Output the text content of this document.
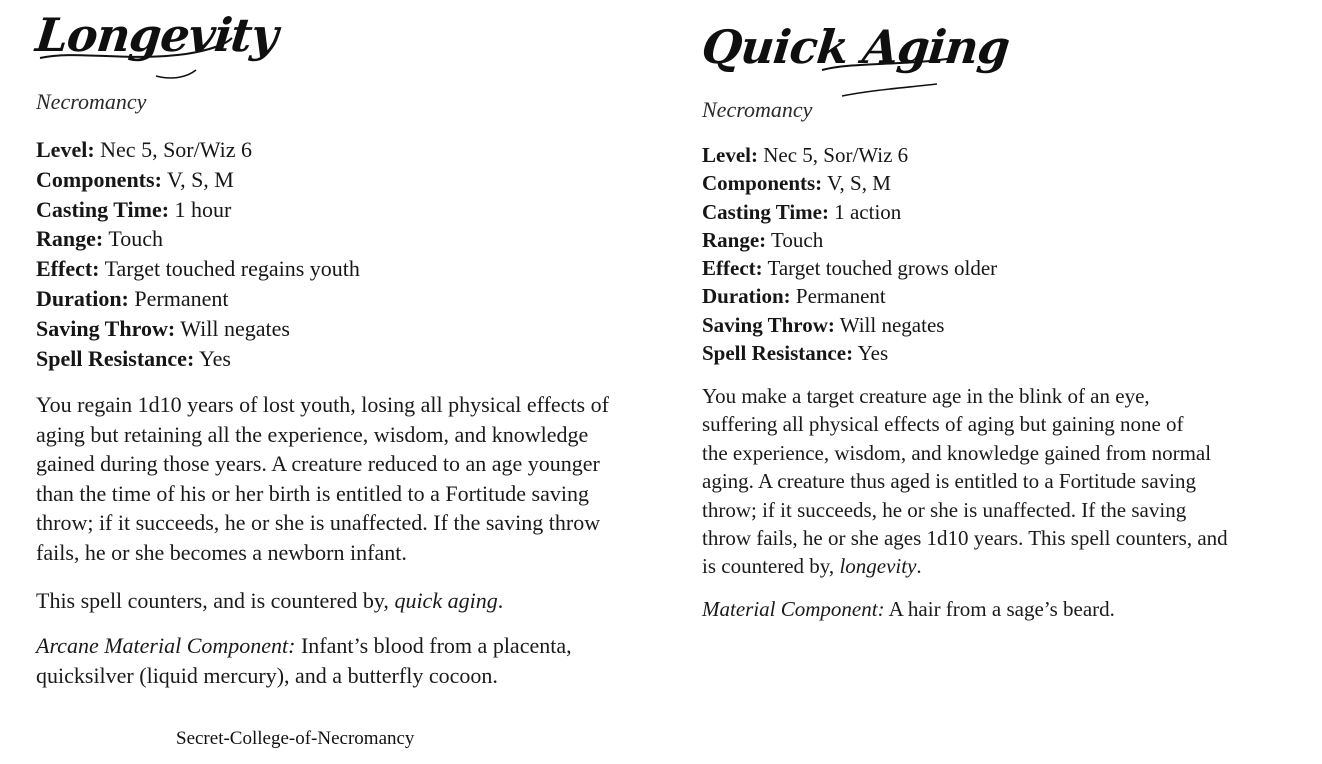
Longevity

Necromancy

Level: Nec 5, Sor/Wiz 6
Components: V, S, M
Casting Time: 1 hour
Range: Touch
Effect: Target touched regains youth
Duration: Permanent
Saving Throw: Will negates
Spell Resistance: Yes

You regain 1d10 years of lost youth, losing all physical effects of
aging but retaining all the experience, wisdom, and knowledge
gained during those years. A creature reduced to an age younger
than the time of his or her birth is entitled to a Fortitude saving
throw; if it succeeds, he or she is unaffected. If the saving throw
fails, he or she becomes a newborn infant.

This spell counters, and is countered by, quick aging.

Arcane Material Component: Infant’s blood from a placenta,
quicksilver (liquid mercury), and a butterfly cocoon.

Secret-College-of-Necromancy

Quick Aging

Necromancy

Level: Nec 5, Sor/Wiz 6
Components: V, S, M
Casting Time: 1 action
Range: Touch
Effect: Target touched grows older
Duration: Permanent
Saving Throw: Will negates
Spell Resistance: Yes

You make a target creature age in the blink of an eye,
suffering all physical effects of aging but gaining none of
the experience, wisdom, and knowledge gained from normal
aging. A creature thus aged is entitled to a Fortitude saving
throw; if it succeeds, he or she is unaffected. If the saving
throw fails, he or she ages 1d10 years. This spell counters, and
is countered by, longevity.

Material Component: A hair from a sage’s beard.
